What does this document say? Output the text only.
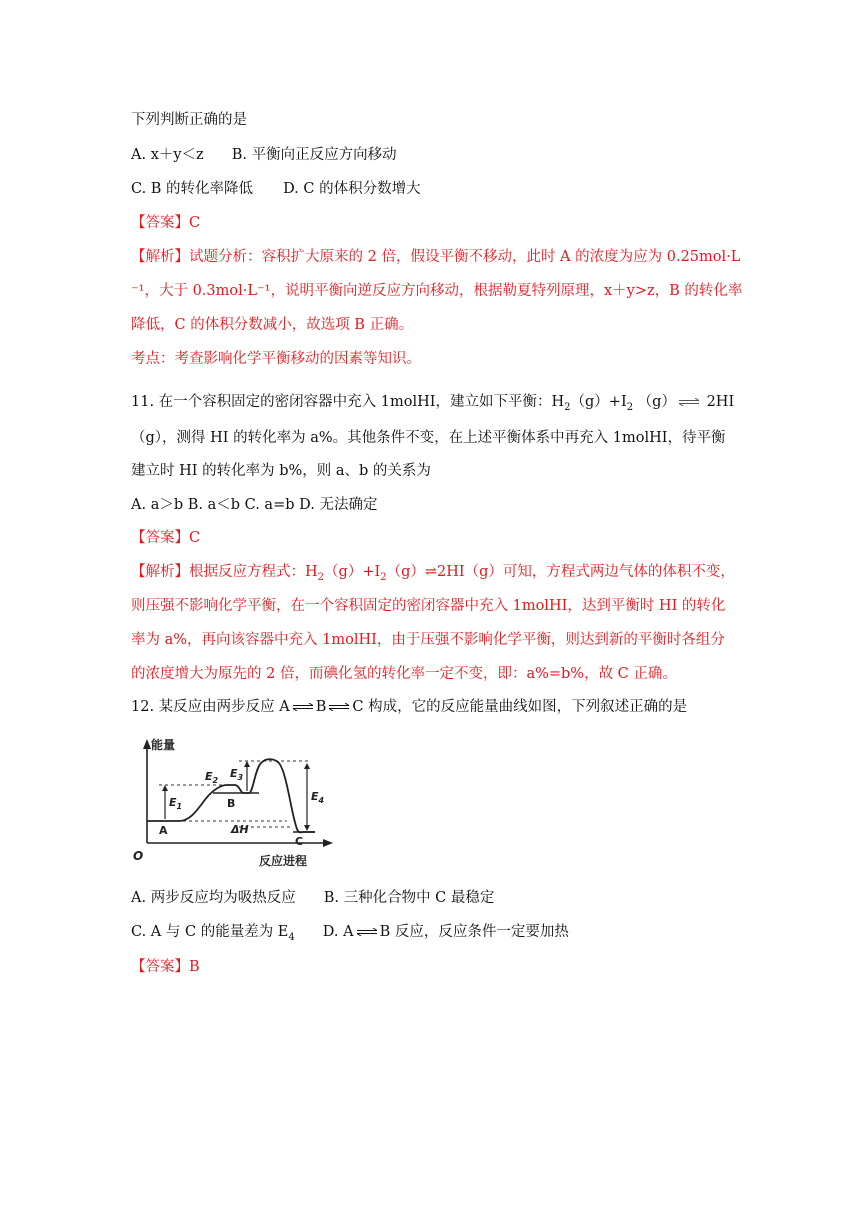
下列判断正确的是
A. x＋y＜z B. 平衡向正反应方向移动
C. B 的转化率降低 D. C 的体积分数增大
【答案】C
【解析】试题分析：容积扩大原来的 2 倍，假设平衡不移动，此时 A 的浓度为应为 0.25mol·L
⁻¹，大于 0.3mol·L⁻¹，说明平衡向逆反应方向移动，根据勒夏特列原理，x＋y>z，B 的转化率
降低，C 的体积分数减小，故选项 B 正确。
考点：考查影响化学平衡移动的因素等知识。
11. 在一个容积固定的密闭容器中充入 1molHI，建立如下平衡：$H_2(g)+I_2$ （g） ⇌ 2HI
（g），测得 HI 的转化率为 a%。其他条件不变，在上述平衡体系中再充入 1molHI，待平衡
建立时 HI 的转化率为 b%，则 a、b 的关系为
A. a＞b B. a＜b C. a=b D. 无法确定
【答案】C
【解析】根据反应方程式：$H_2(g)+I_2(g)\rightleftharpoons 2HI(g)$可知，方程式两边气体的体积不变，
则压强不影响化学平衡，在一个容积固定的密闭容器中充入 1molHI，达到平衡时 HI 的转化
率为 a%，再向该容器中充入 1molHI，由于压强不影响化学平衡，则达到新的平衡时各组分
的浓度增大为原先的 2 倍，而碘化氢的转化率一定不变，即：a%=b%，故 C 正确。
12. 某反应由两步反应 A ⇌ B ⇌ C 构成，它的反应能量曲线如图，下列叙述正确的是
能量
反应进程
O
$E_1$
$E_2$
$E_3$
$E_4$
A
B
C
ΔH
A. 两步反应均为吸热反应 B. 三种化合物中 C 最稳定
C. A 与 C 的能量差为 $E_4$ D. A ⇌ B 反应，反应条件一定要加热
【答案】B
